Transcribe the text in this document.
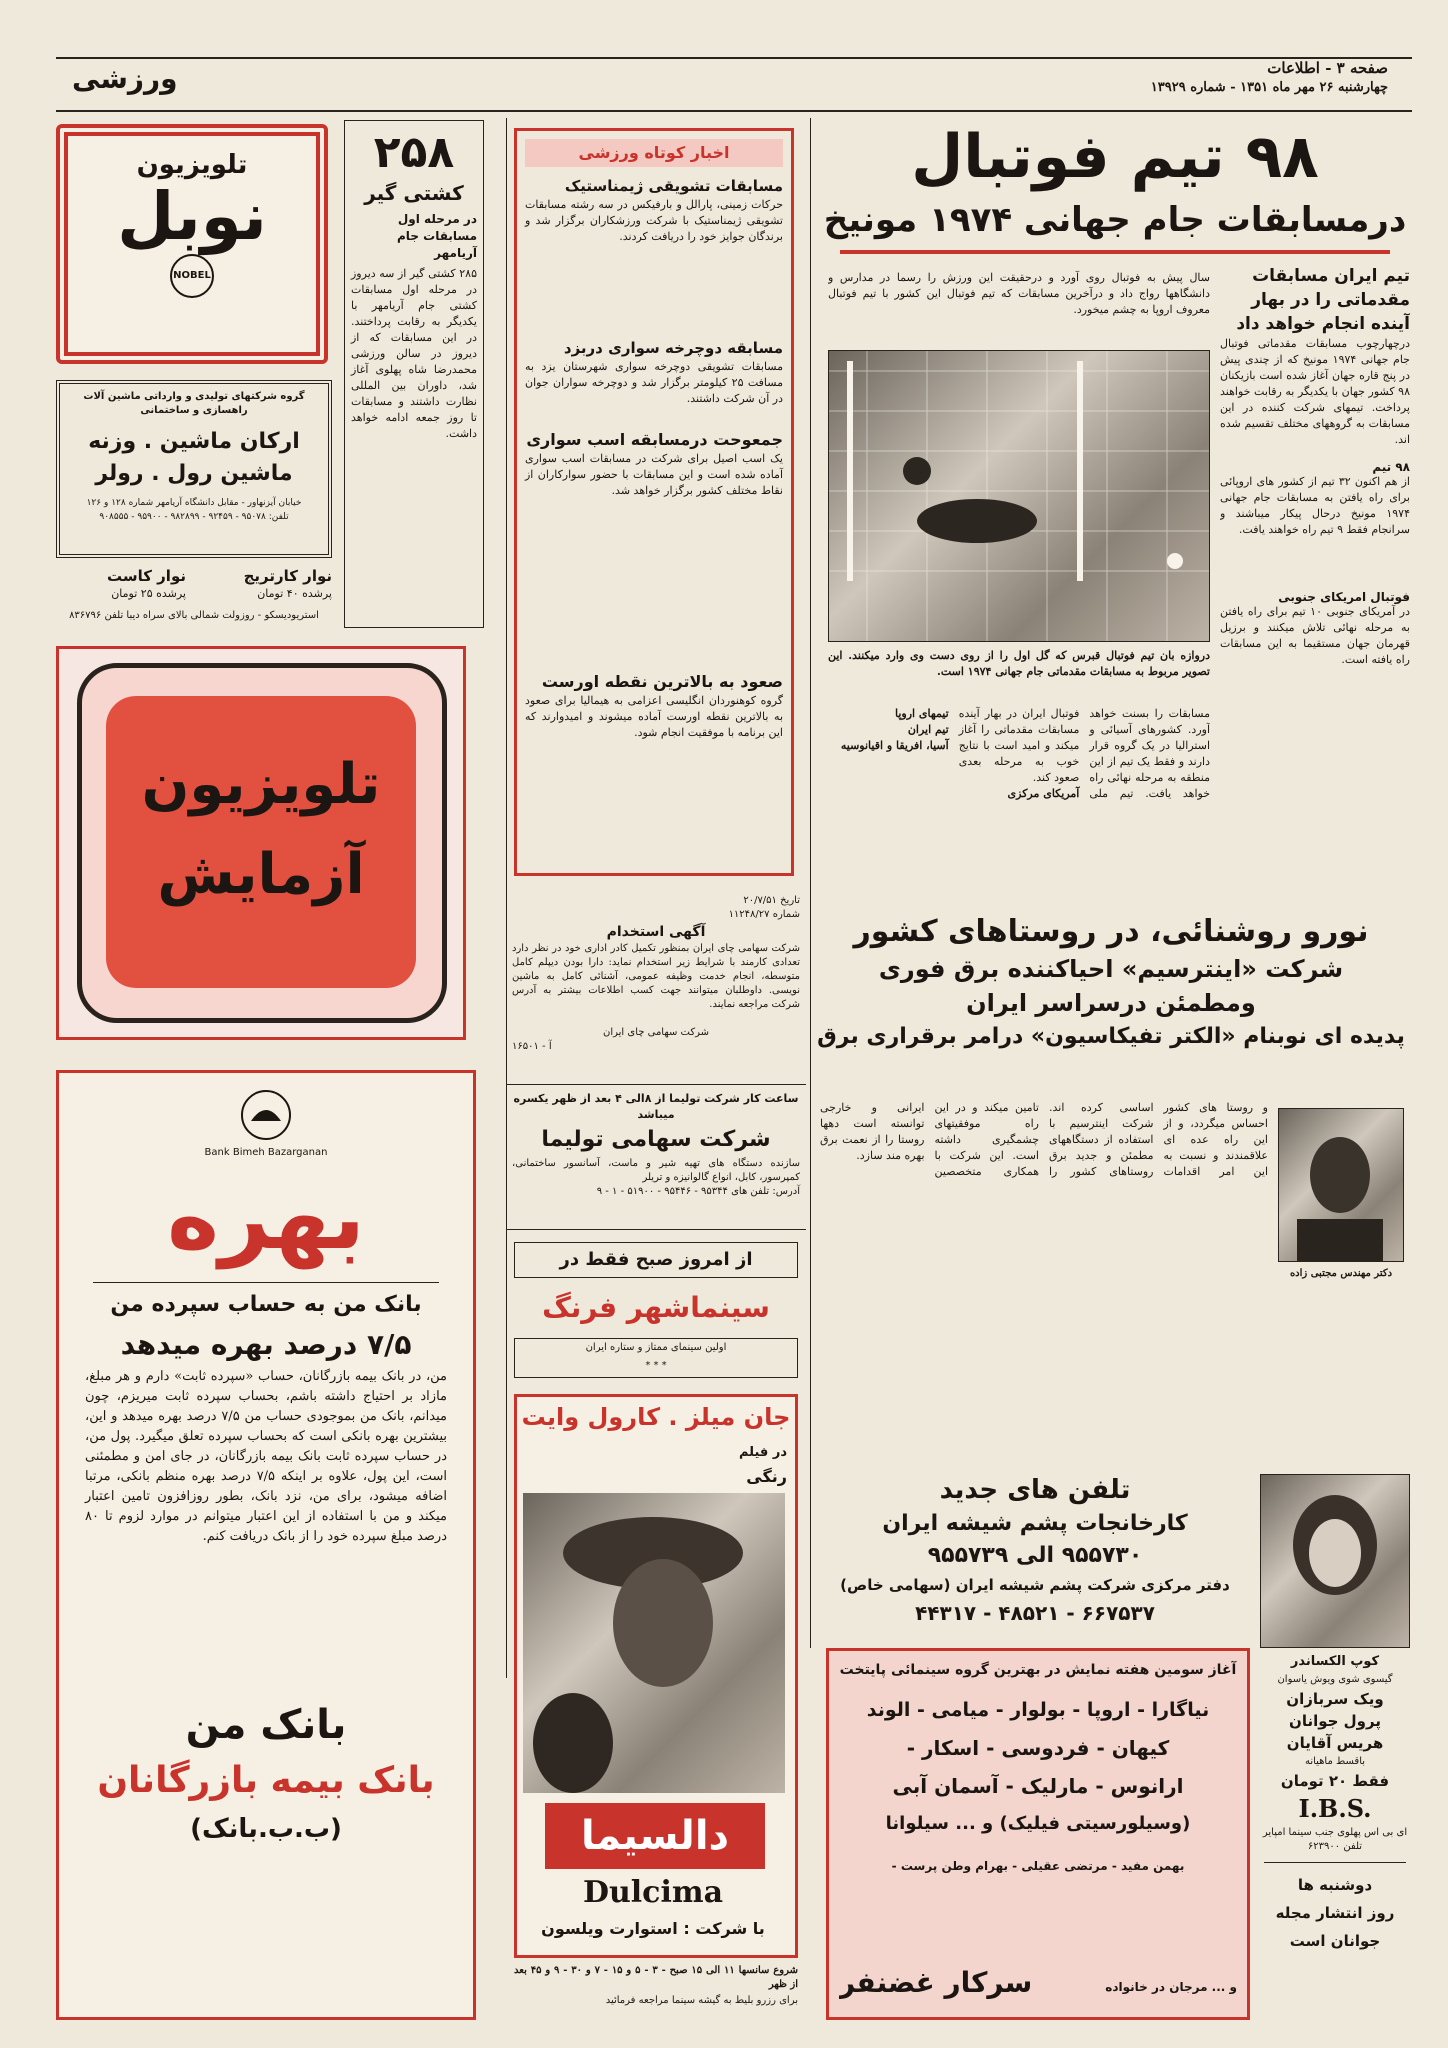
صفحه ۳ - اطلاعات
چهارشنبه ۲۶ مهر ماه ۱۳۵۱ - شماره ۱۳۹۲۹
ورزشی
۹۸ تیم فوتبال
درمسابقات جام جهانی ۱۹۷۴ مونیخ
تیم ایران مسابقات مقدماتی را در بهار آینده انجام خواهد داد
درچهارچوب مسابقات مقدماتی فوتبال جام جهانی ۱۹۷۴ مونیخ که از چندی پیش در پنج قاره جهان آغاز شده است بازیکنان ۹۸ کشور جهان با یکدیگر به رقابت خواهند پرداخت. تیمهای شرکت کننده در این مسابقات به گروههای مختلف تقسیم شده اند.
۹۸ تیم
از هم اکنون ۳۲ تیم از کشور های اروپائی برای راه یافتن به مسابقات جام جهانی ۱۹۷۴ مونیخ درحال پیکار میباشند و سرانجام فقط ۹ تیم راه خواهند یافت.
فوتبال امریکای جنوبی
در آمریکای جنوبی ۱۰ تیم برای راه یافتن به مرحله نهائی تلاش میکنند و برزیل قهرمان جهان مستقیما به این مسابقات راه یافته است.
سال پیش به فوتبال روی آورد و درحقیقت این ورزش را رسما در مدارس و دانشگاهها رواج داد و درآخرین مسابقات که تیم فوتبال این کشور با تیم فوتبال معروف اروپا به چشم میخورد.
دروازه بان تیم فوتبال قبرس که گل اول را از روی دست وی وارد میکنند. این تصویر مربوط به مسابقات مقدماتی جام جهانی ۱۹۷۴ است.
مسابقات را بسنت خواهد آورد. کشورهای آسیائی و استرالیا در یک گروه قرار دارند و فقط یک تیم از این منطقه به مرحله نهائی راه خواهد یافت. تیم ملی فوتبال ایران در بهار آینده مسابقات مقدماتی را آغاز میکند و امید است با نتایج خوب به مرحله بعدی صعود کند.
آمریکای مرکزی
تیمهای اروپا
تیم ایران
آسیا، افریقا و اقیانوسیه
نورو روشنائی، در روستاهای کشور
شرکت «اینترسیم» احیاکننده برق فوری
ومطمئن درسراسر ایران
پدیده ای نوبنام «الکتر تفیکاسیون» درامر برقراری برق
دکتر مهندس مجتبی زاده
و روستا های کشور احساس میگردد، و از این راه عده ای علاقمندند و نسبت به این امر اقدامات اساسی کرده اند. شرکت اینترسیم با استفاده از دستگاههای مطمئن و جدید برق روستاهای کشور را تامین میکند و در این راه موفقیتهای چشمگیری داشته است. این شرکت با همکاری متخصصین ایرانی و خارجی توانسته است دهها روستا را از نعمت برق بهره مند سازد.
۲۵۸
کشتی گیر
در مرحله اول مسابقات جام آریامهر
۲۸۵ کشتی گیر از سه دیروز در مرحله اول مسابقات کشتی جام آریامهر با یکدیگر به رقابت پرداختند. در این مسابقات که از دیروز در سالن ورزشی محمدرضا شاه پهلوی آغاز شد، داوران بین المللی نظارت داشتند و مسابقات تا روز جمعه ادامه خواهد داشت.
اخبار کوتاه ورزشی
مسابقات تشویقی ژیمناستیک
حرکات زمینی، پارالل و بارفیکس در سه رشته مسابقات تشویقی ژیمناستیک با شرکت ورزشکاران برگزار شد و برندگان جوایز خود را دریافت کردند.
مسابقه دوچرخه سواری دربزد
مسابقات تشویقی دوچرخه سواری شهرستان یزد به مسافت ۲۵ کیلومتر برگزار شد و دوچرخه سواران جوان در آن شرکت داشتند.
جمعوحت درمسابقه اسب سواری
یک اسب اصیل برای شرکت در مسابقات اسب سواری آماده شده است و این مسابقات با حضور سوارکاران از نقاط مختلف کشور برگزار خواهد شد.
صعود به بالاترین نقطه اورست
گروه کوهنوردان انگلیسی اعزامی به هیمالیا برای صعود به بالاترین نقطه اورست آماده میشوند و امیدوارند که این برنامه با موفقیت انجام شود.
تلویزیون
نوبل
NOBEL
گروه شرکتهای تولیدی و وارداتی ماشین آلات راهسازی و ساختمانی
ارکان ماشین . وزنه
ماشین رول . رولر
خیابان آیزنهاور - مقابل دانشگاه آریامهر شماره ۱۲۸ و ۱۲۶
تلفن: ۹۵۰۷۸ - ۹۲۴۵۹ - ۹۸۲۸۹۹ - ۹۵۹۰۰ - ۹۰۸۵۵۵
نوار کارتریج
پرشده ۴۰ تومان
نوار کاست
پرشده ۲۵ تومان
استریودیسکو - روزولت شمالی بالای سراه دیبا تلفن ۸۳۶۷۹۶
تلویزیون
آزمایش
Bank Bimeh Bazarganan
بهره
بانک من به حساب سپرده من
۷/۵ درصد بهره میدهد
من، در بانک بیمه بازرگانان، حساب «سپرده ثابت» دارم و هر مبلغ، مازاد بر احتیاج داشته باشم، بحساب سپرده ثابت میریزم، چون میدانم، بانک من بموجودی حساب من ۷/۵ درصد بهره میدهد و این، بیشترین بهره بانکی است که بحساب سپرده تعلق میگیرد. پول من، در حساب سپرده ثابت بانک بیمه بازرگانان، در جای امن و مطمئنی است، این پول، علاوه بر اینکه ۷/۵ درصد بهره منظم بانکی، مرتبا اضافه میشود، برای من، نزد بانک، بطور روزافزون تامین اعتبار میکند و من با استفاده از این اعتبار میتوانم در موارد لزوم تا ۸۰ درصد مبلغ سپرده خود را از بانک دریافت کنم.
بانک من
بانک بیمه بازرگانان
(ب.ب.بانک)
تاریخ ۲۰/۷/۵۱
شماره ۱۱۲۴۸/۲۷
آگهی استخدام
شرکت سهامی چای ایران بمنظور تکمیل کادر اداری خود در نظر دارد تعدادی کارمند با شرایط زیر استخدام نماید: دارا بودن دیپلم کامل متوسطه، انجام خدمت وظیفه عمومی، آشنائی کامل به ماشین نویسی. داوطلبان میتوانند جهت کسب اطلاعات بیشتر به آدرس شرکت مراجعه نمایند.
شرکت سهامی چای ایران
آ - ۱۶۵۰۱
ساعت کار شرکت تولیما از ۸الی ۴ بعد از ظهر یکسره میباشد
شرکت سهامی تولیما
سازنده دستگاه های تهیه شیر و ماست، آسانسور ساختمانی، کمپرسور، کابل، انواع گالوانیزه و تریلر
آدرس: تلفن های ۹۵۳۴۴ - ۹۵۴۴۶ - ۵۱۹۰۰ - ۱ - ۹
از امروز صبح فقط در
سینماشهر فرنگ
اولین سینمای ممتاز و ستاره ایران
* * *
جان میلز . کارول وایت
در فیلم
رنگی
دالسیما
Dulcima
با شرکت : استوارت ویلسون
شروع سانسها ۱۱ الی ۱۵ صبح - ۳ - ۵ و ۱۵ - ۷ و ۳۰ - ۹ و ۴۵ بعد از ظهر
برای رزرو بلیط به گیشه سینما مراجعه فرمائید
تلفن های جدید
کارخانجات پشم شیشه ایران
۹۵۵۷۳۰ الی ۹۵۵۷۳۹
دفتر مرکزی شرکت پشم شیشه ایران (سهامی خاص)
۶۶۷۵۳۷ - ۴۸۵۲۱ - ۴۴۳۱۷
کوپ الکساندر
گیسوی شوی ویوش یاسوان
ویک سربازان
پرول جوانان
هریس آقایان
باقسط ماهیانه
فقط ۲۰ تومان
I.B.S.
ای بی اس پهلوی جنب سینما امپایر تلفن ۶۲۳۹۰۰
دوشنبه ها
روز انتشار مجله
جوانان است
آغاز سومین هفته نمایش در بهترین گروه سینمائی پایتخت
نیاگارا - اروپا - بولوار - میامی - الوند
کیهان - فردوسی - اسکار -
ارانوس - مارلیک - آسمان آبی
(وسیلورسیتی فیلیک) و ... سیلوانا
بهمن مفید - مرتضی عقیلی - بهرام وطن پرست -
سرکار غضنفر	و ... مرجان در خانواده
